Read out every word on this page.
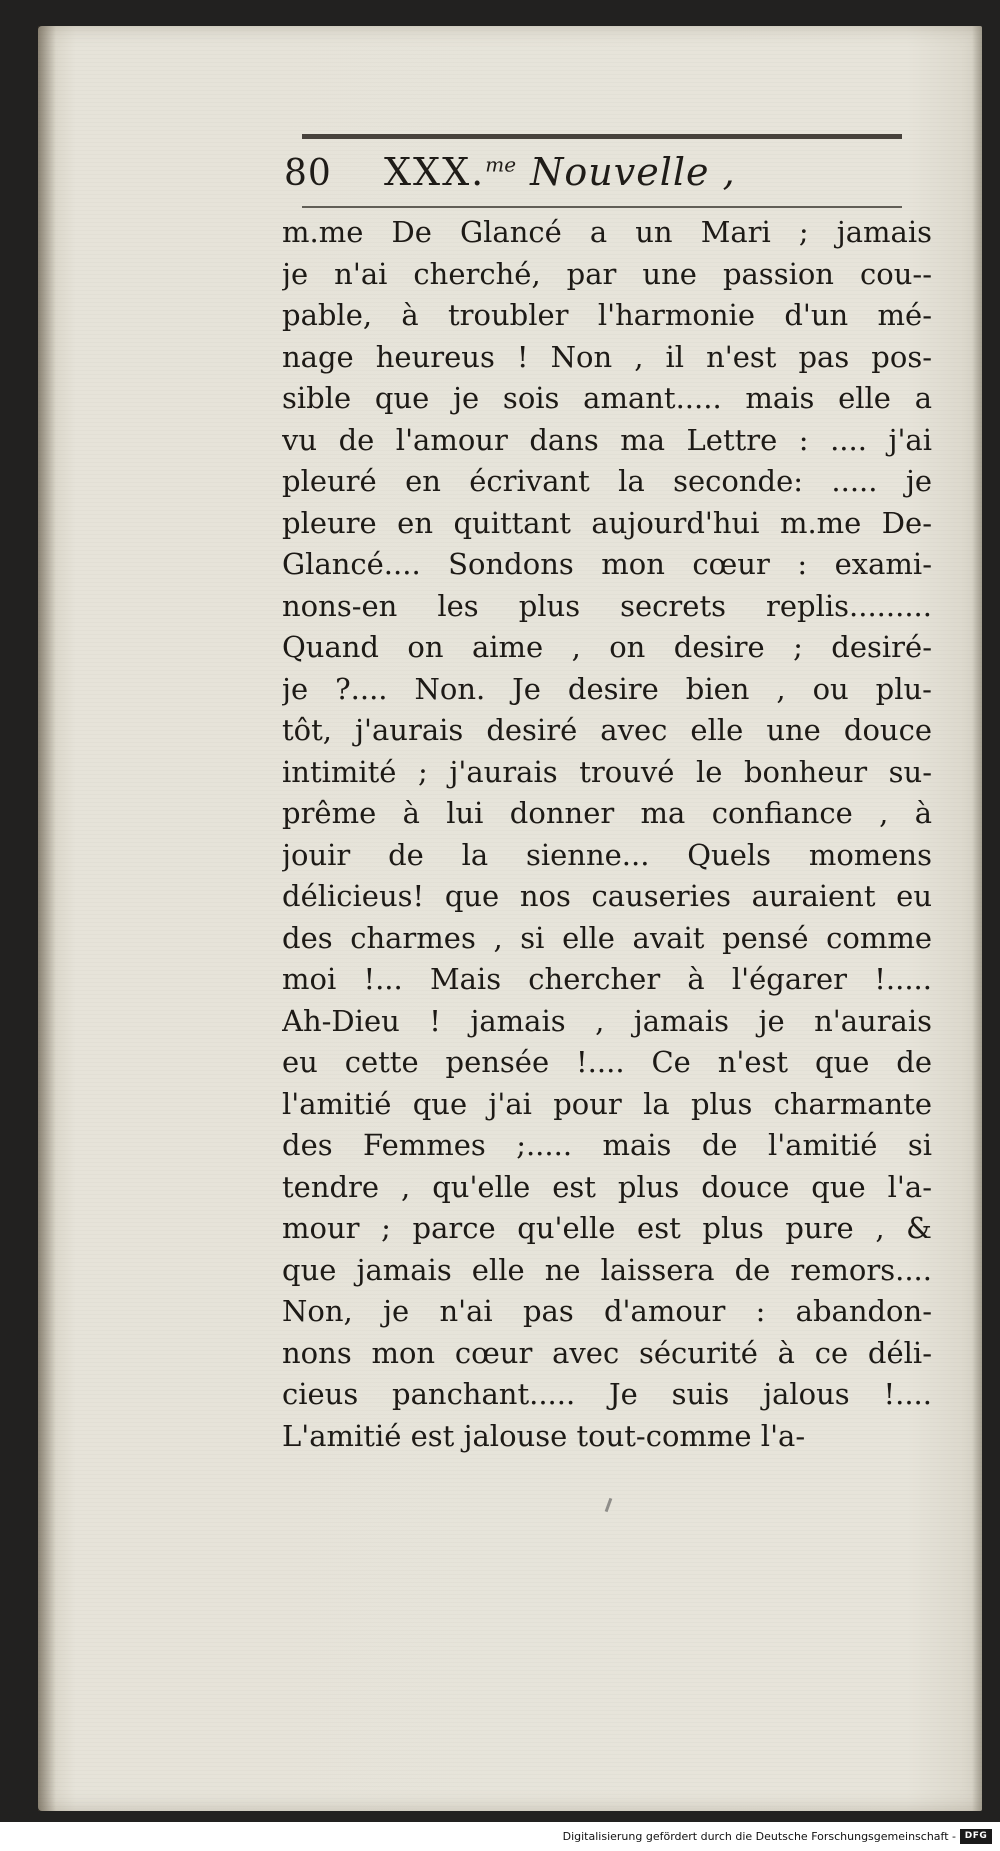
80	XXX.$^{me}$ Nouvelle ,
m.me De Glancé a un Mari ; jamais
je n'ai cherché, par une passion cou--
pable, à troubler l'harmonie d'un mé-
nage heureus ! Non , il n'est pas pos-
sible que je sois amant..... mais elle a
vu de l'amour dans ma Lettre : .... j'ai
pleuré en écrivant la seconde: ..... je
pleure en quittant aujourd'hui m.me De-
Glancé.... Sondons mon cœur : exami-
nons-en les plus secrets replis.........
Quand on aime , on desire ; desiré-
je ?.... Non. Je desire bien , ou plu-
tôt, j'aurais desiré avec elle une douce
intimité ; j'aurais trouvé le bonheur su-
prême à lui donner ma confiance , à
jouir de la sienne... Quels momens
délicieus! que nos causeries auraient eu
des charmes , si elle avait pensé comme
moi !... Mais chercher à l'égarer !.....
Ah-Dieu ! jamais , jamais je n'aurais
eu cette pensée !.... Ce n'est que de
l'amitié que j'ai pour la plus charmante
des Femmes ;..... mais de l'amitié si
tendre , qu'elle est plus douce que l'a-
mour ; parce qu'elle est plus pure , &
que jamais elle ne laissera de remors....
Non, je n'ai pas d'amour : abandon-
nons mon cœur avec sécurité à ce déli-
cieus panchant..... Je suis jalous !....
L'amitié est jalouse tout-comme l'a-
Digitalisierung gefördert durch die Deutsche Forschungsgemeinschaft - DFG
